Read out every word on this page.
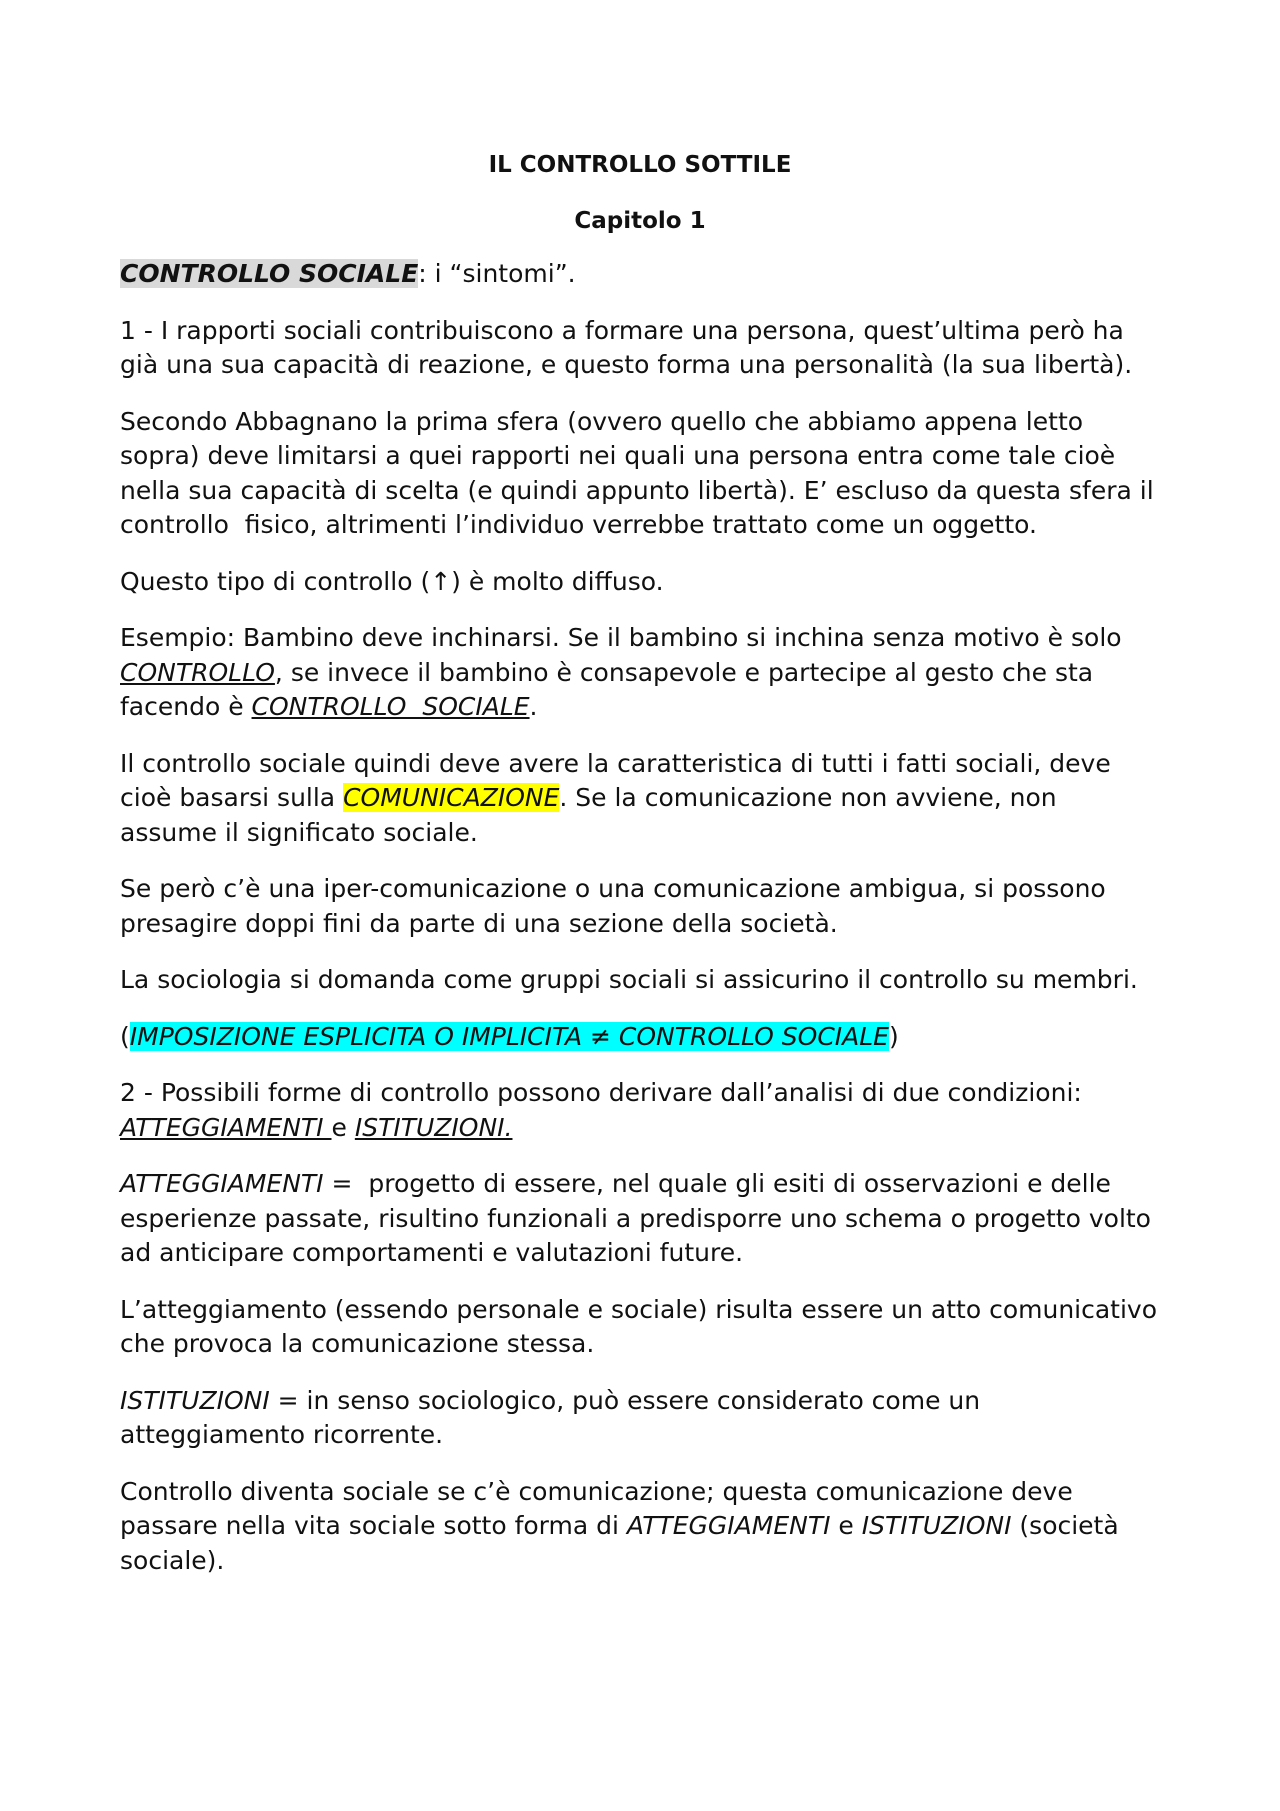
IL CONTROLLO SOTTILE

Capitolo 1

CONTROLLO SOCIALE: i “sintomi”.

1 - I rapporti sociali contribuiscono a formare una persona, quest’ultima però ha già una sua capacità di reazione, e questo forma una personalità (la sua libertà).

Secondo Abbagnano la prima sfera (ovvero quello che abbiamo appena letto sopra) deve limitarsi a quei rapporti nei quali una persona entra come tale cioè nella sua capacità di scelta (e quindi appunto libertà). E’ escluso da questa sfera il controllo  fisico, altrimenti l’individuo verrebbe trattato come un oggetto.

Questo tipo di controllo (↑) è molto diffuso.

Esempio: Bambino deve inchinarsi. Se il bambino si inchina senza motivo è solo CONTROLLO, se invece il bambino è consapevole e partecipe al gesto che sta facendo è CONTROLLO  SOCIALE.

Il controllo sociale quindi deve avere la caratteristica di tutti i fatti sociali, deve cioè basarsi sulla COMUNICAZIONE. Se la comunicazione non avviene, non assume il significato sociale.

Se però c’è una iper-comunicazione o una comunicazione ambigua, si possono presagire doppi fini da parte di una sezione della società.

La sociologia si domanda come gruppi sociali si assicurino il controllo su membri.

(IMPOSIZIONE ESPLICITA O IMPLICITA ≠ CONTROLLO SOCIALE)

2 - Possibili forme di controllo possono derivare dall’analisi di due condizioni: ATTEGGIAMENTI e ISTITUZIONI.

ATTEGGIAMENTI =  progetto di essere, nel quale gli esiti di osservazioni e delle esperienze passate, risultino funzionali a predisporre uno schema o progetto volto ad anticipare comportamenti e valutazioni future.

L’atteggiamento (essendo personale e sociale) risulta essere un atto comunicativo che provoca la comunicazione stessa.

ISTITUZIONI = in senso sociologico, può essere considerato come un atteggiamento ricorrente.

Controllo diventa sociale se c’è comunicazione; questa comunicazione deve passare nella vita sociale sotto forma di ATTEGGIAMENTI e ISTITUZIONI (società sociale).
